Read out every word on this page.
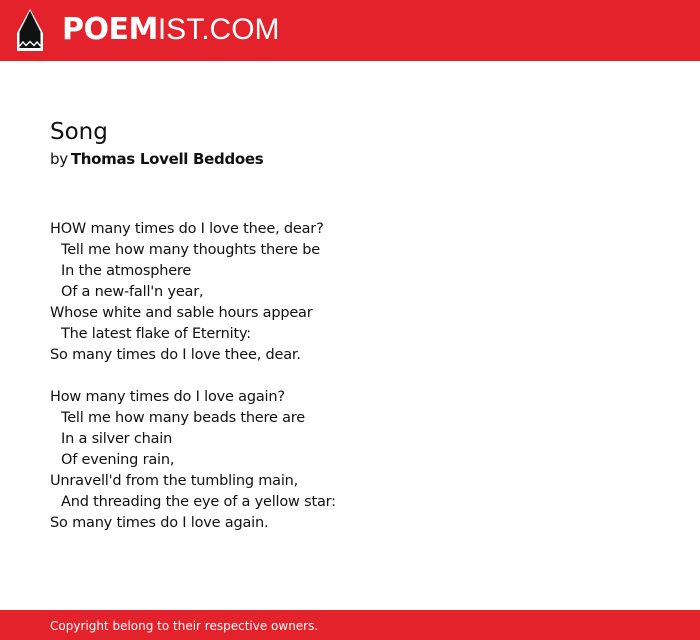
POEMIST.COM
Song
by Thomas Lovell Beddoes
HOW many times do I love thee, dear?
Tell me how many thoughts there be
In the atmosphere
Of a new-fall'n year,
Whose white and sable hours appear
The latest flake of Eternity:
So many times do I love thee, dear.
How many times do I love again?
Tell me how many beads there are
In a silver chain
Of evening rain,
Unravell'd from the tumbling main,
And threading the eye of a yellow star:
So many times do I love again.
Copyright belong to their respective owners.
